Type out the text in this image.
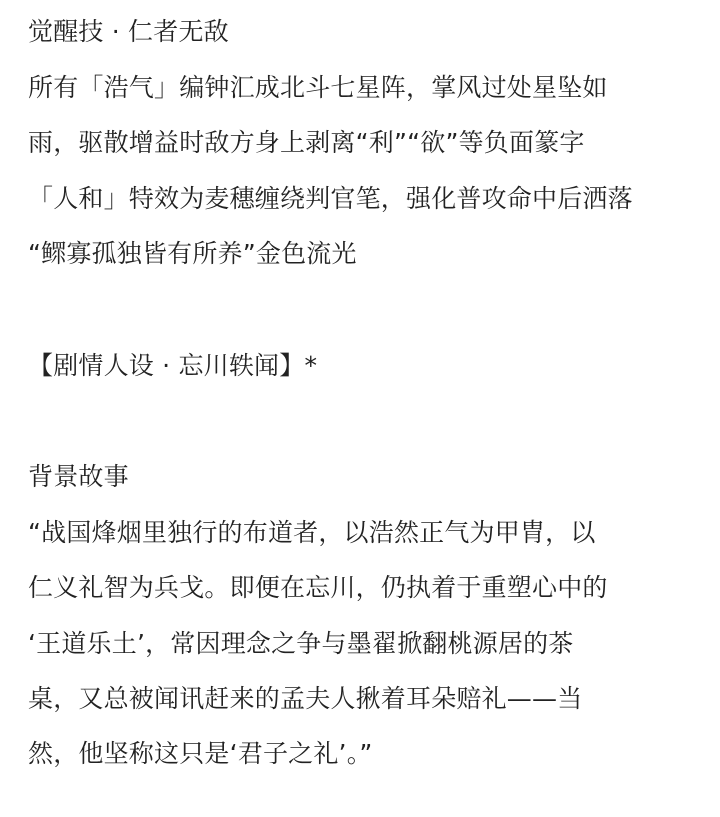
觉醒技 · 仁者无敌
所有「浩气」编钟汇成北斗七星阵，掌风过处星坠如
雨，驱散增益时敌方身上剥离“利”“欲”等负面篆字
「人和」特效为麦穗缠绕判官笔，强化普攻命中后洒落
“鳏寡孤独皆有所养”金色流光
【剧情人设 · 忘川轶闻】*
背景故事
“战国烽烟里独行的布道者，以浩然正气为甲胄，以
仁义礼智为兵戈。即便在忘川，仍执着于重塑心中的
‘王道乐土’，常因理念之争与墨翟掀翻桃源居的茶
桌，又总被闻讯赶来的孟夫人揪着耳朵赔礼——当
然，他坚称这只是‘君子之礼’。”
